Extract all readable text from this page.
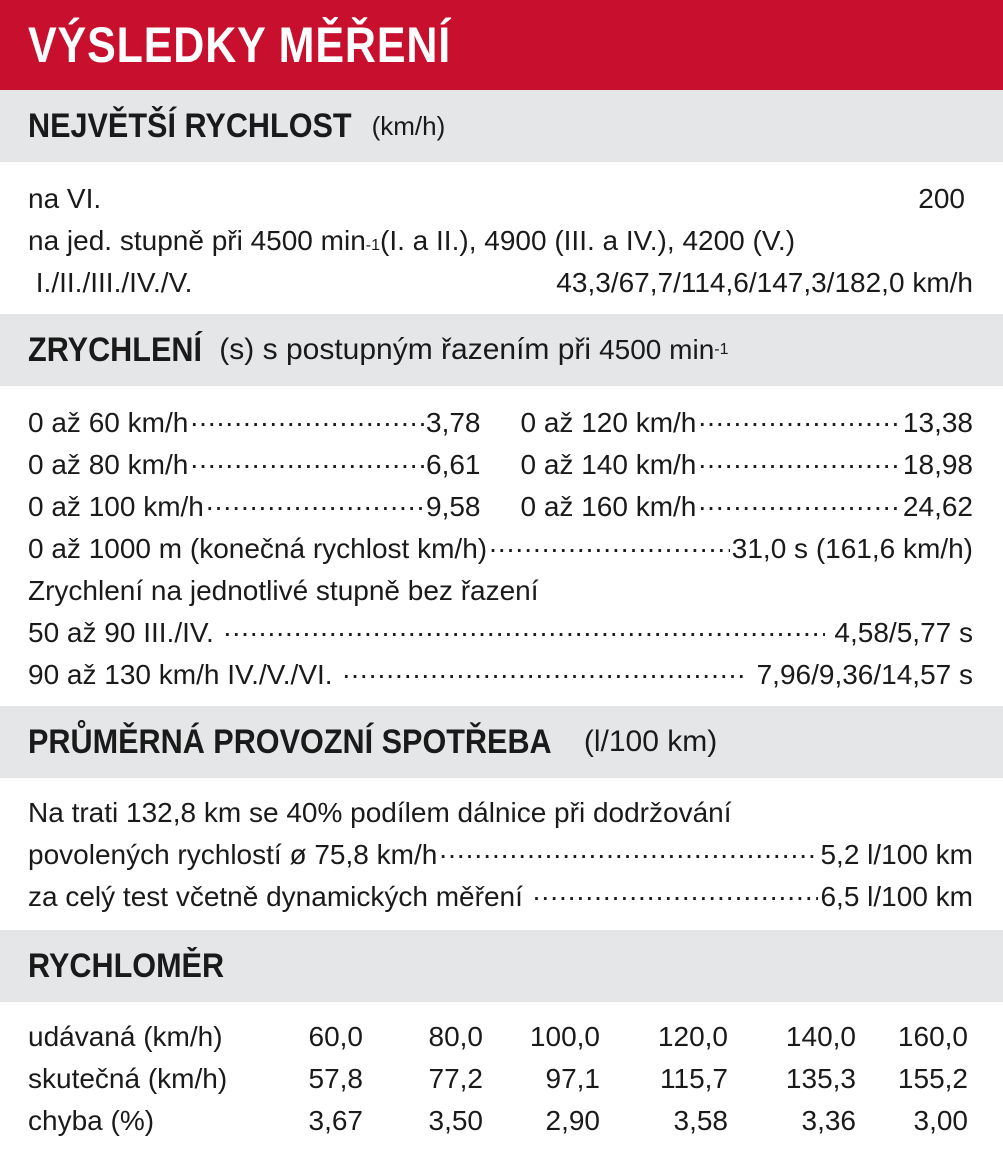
VÝSLEDKY MĚŘENÍ
NEJVĚTŠÍ RYCHLOST (km/h)
na VI.	200
na jed. stupně při 4500 min -1 (I. a II.), 4900 (III. a IV.), 4200 (V.)
I./II./III./IV./V.	43,3/67,7/114,6/147,3/182,0 km/h
ZRYCHLENÍ (s) s postupným řazením při 4500 min -1
0 až 60 km/h .....	3,78
0 až 80 km/h .....	6,61
0 až 100 km/h .....	9,58
0 až 120 km/h .....	13,38
0 až 140 km/h .....	18,98
0 až 160 km/h .....	24,62
0 až 1000 m (konečná rychlost km/h) .....	31,0 s (161,6 km/h)
Zrychlení na jednotlivé stupně bez řazení
50 až 90 III./IV. .....	4,58/5,77 s
90 až 130 km/h IV./V./VI. .....	7,96/9,36/14,57 s
PRŮMĚRNÁ PROVOZNÍ SPOTŘEBA (l/100 km)
Na trati 132,8 km se 40% podílem dálnice při dodržování
povolených rychlostí ø 75,8 km/h .....	5,2 l/100 km
za celý test včetně dynamických měření .....	6,5 l/100 km
RYCHLOMĚR
udávaná (km/h)	60,0	80,0	100,0	120,0	140,0	160,0
skutečná (km/h)	57,8	77,2	97,1	115,7	135,3	155,2
chyba (%)	3,67	3,50	2,90	3,58	3,36	3,00
